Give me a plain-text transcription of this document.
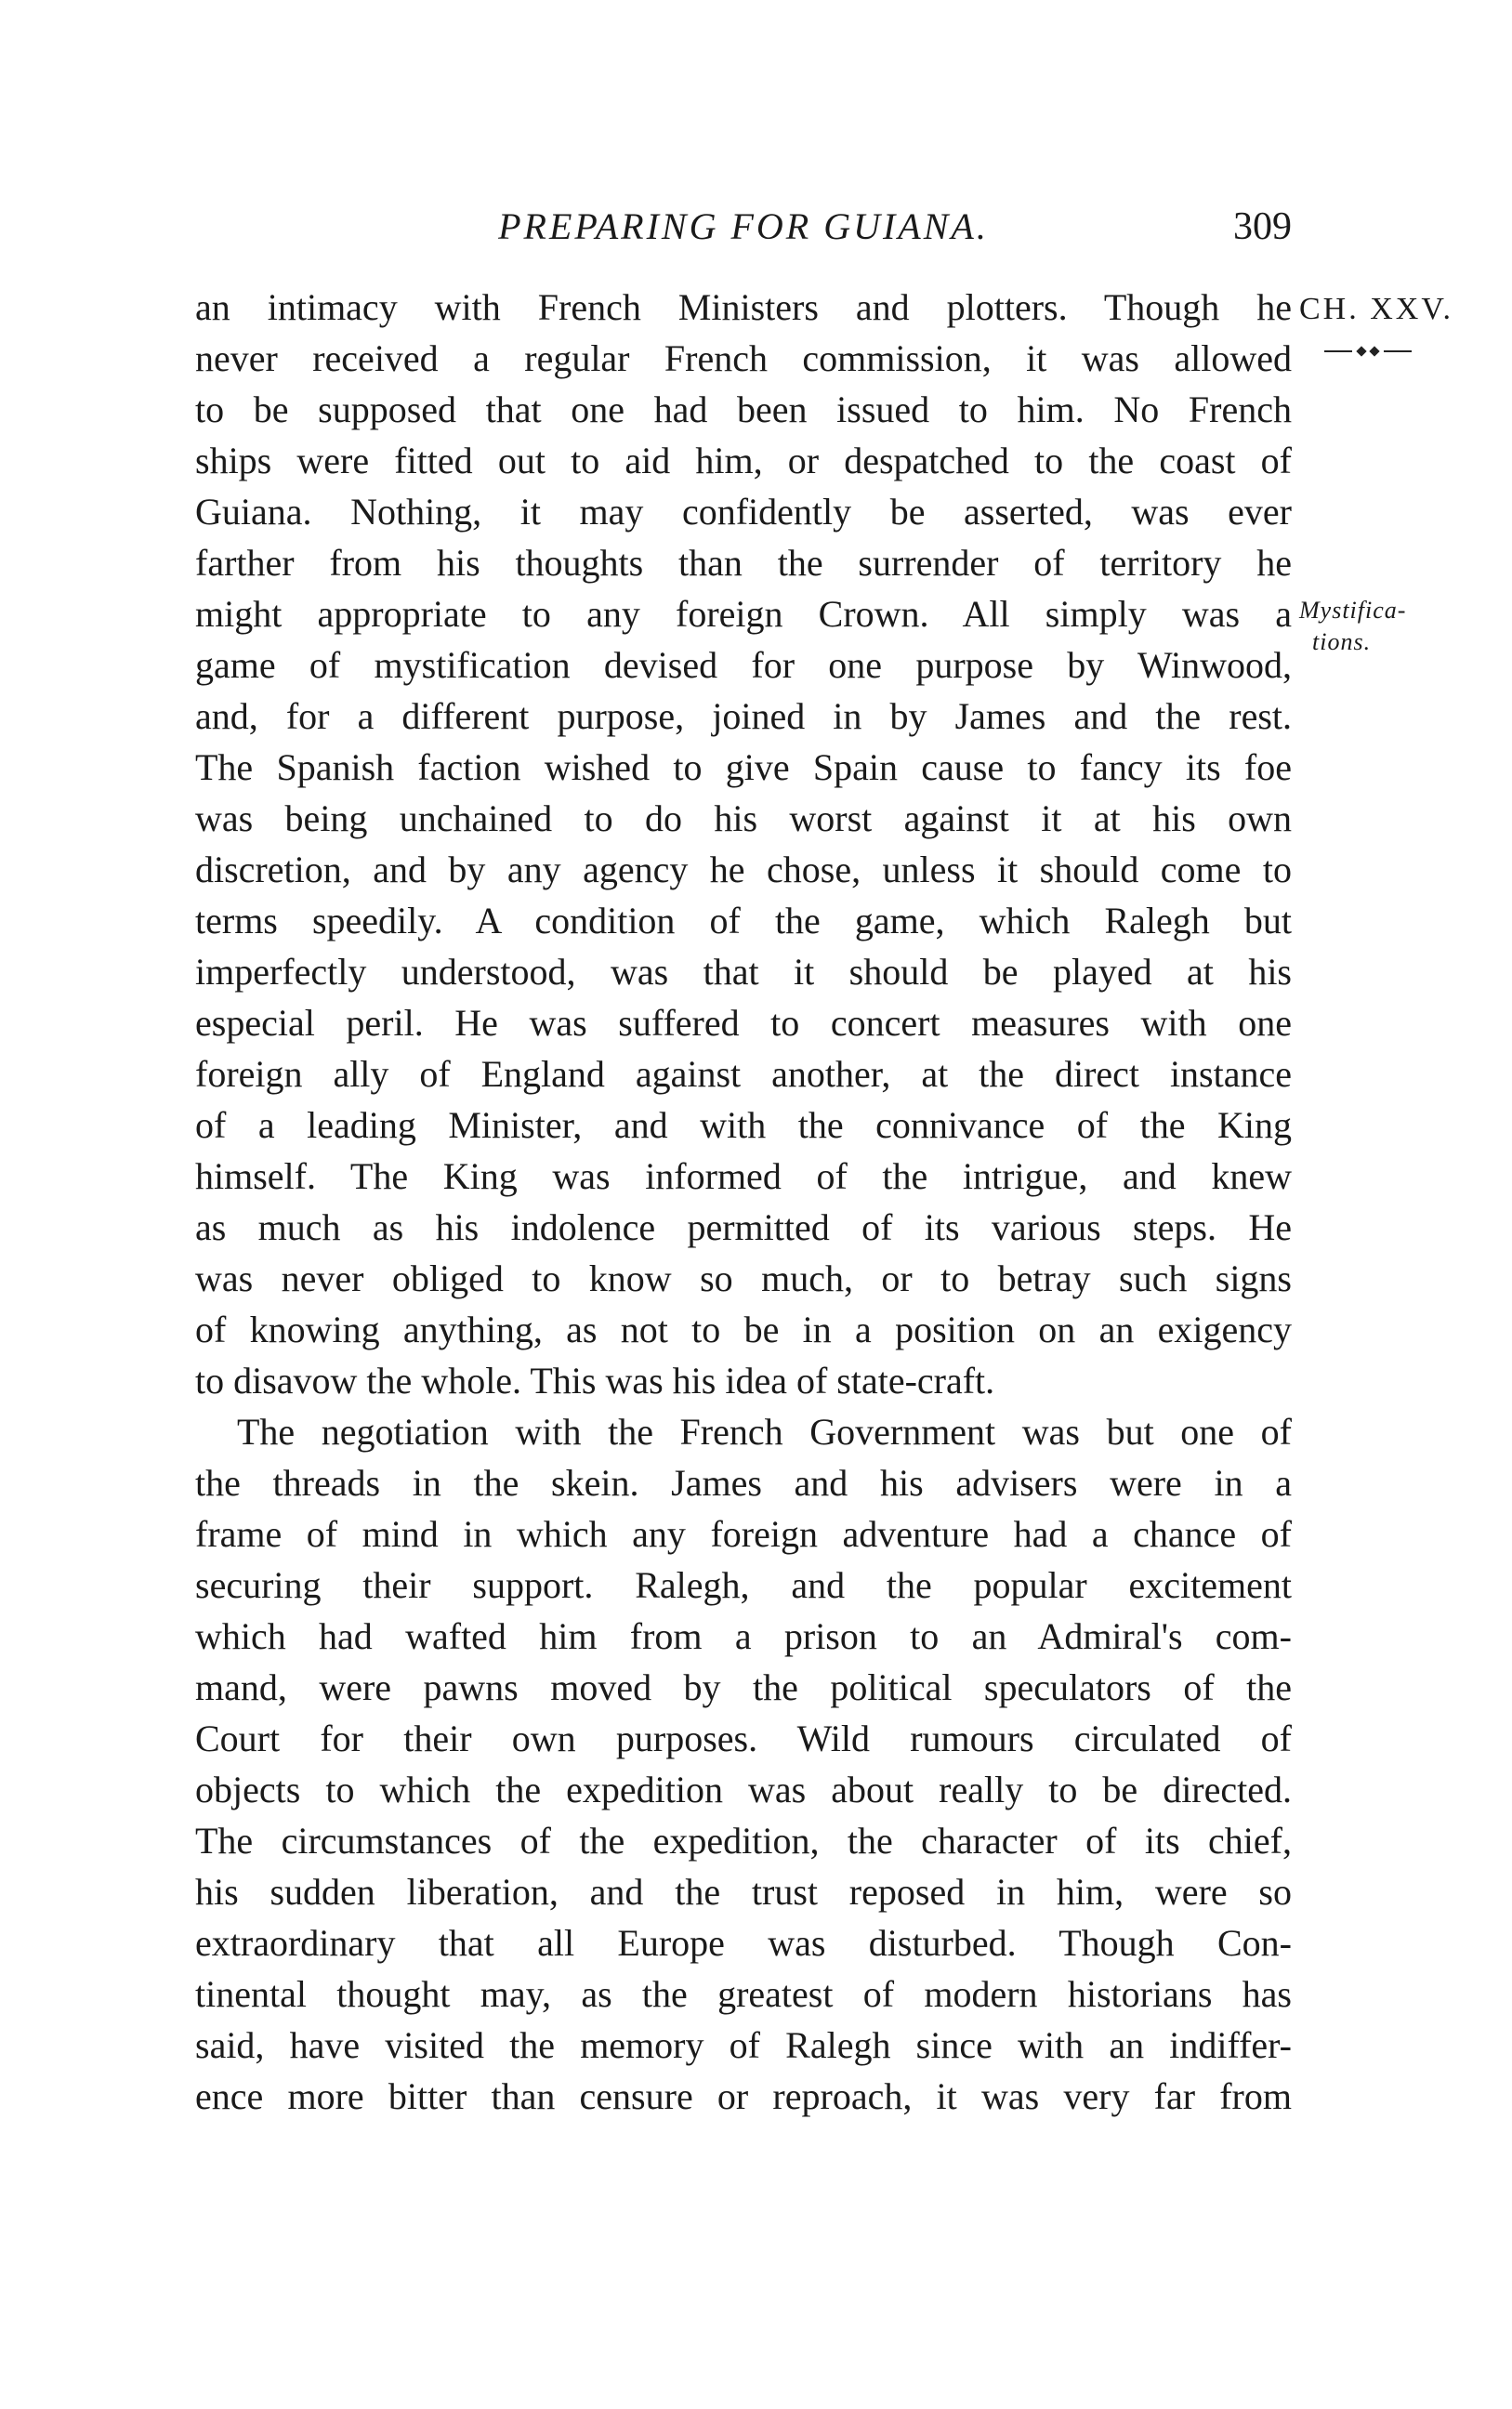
PREPARING FOR GUIANA.	309
CH. XXV.
Mystifica-
tions.
an intimacy with French Ministers and plotters. Though he
never received a regular French commission, it was allowed
to be supposed that one had been issued to him. No French
ships were fitted out to aid him, or despatched to the coast of
Guiana. Nothing, it may confidently be asserted, was ever
farther from his thoughts than the surrender of territory he
might appropriate to any foreign Crown. All simply was a
game of mystification devised for one purpose by Winwood,
and, for a different purpose, joined in by James and the rest.
The Spanish faction wished to give Spain cause to fancy its foe
was being unchained to do his worst against it at his own
discretion, and by any agency he chose, unless it should come to
terms speedily. A condition of the game, which Ralegh but
imperfectly understood, was that it should be played at his
especial peril. He was suffered to concert measures with one
foreign ally of England against another, at the direct instance
of a leading Minister, and with the connivance of the King
himself. The King was informed of the intrigue, and knew
as much as his indolence permitted of its various steps. He
was never obliged to know so much, or to betray such signs
of knowing anything, as not to be in a position on an exigency
to disavow the whole. This was his idea of state-craft.
The negotiation with the French Government was but one of
the threads in the skein. James and his advisers were in a
frame of mind in which any foreign adventure had a chance of
securing their support. Ralegh, and the popular excitement
which had wafted him from a prison to an Admiral's com-
mand, were pawns moved by the political speculators of the
Court for their own purposes. Wild rumours circulated of
objects to which the expedition was about really to be directed.
The circumstances of the expedition, the character of its chief,
his sudden liberation, and the trust reposed in him, were so
extraordinary that all Europe was disturbed. Though Con-
tinental thought may, as the greatest of modern historians has
said, have visited the memory of Ralegh since with an indiffer-
ence more bitter than censure or reproach, it was very far from
